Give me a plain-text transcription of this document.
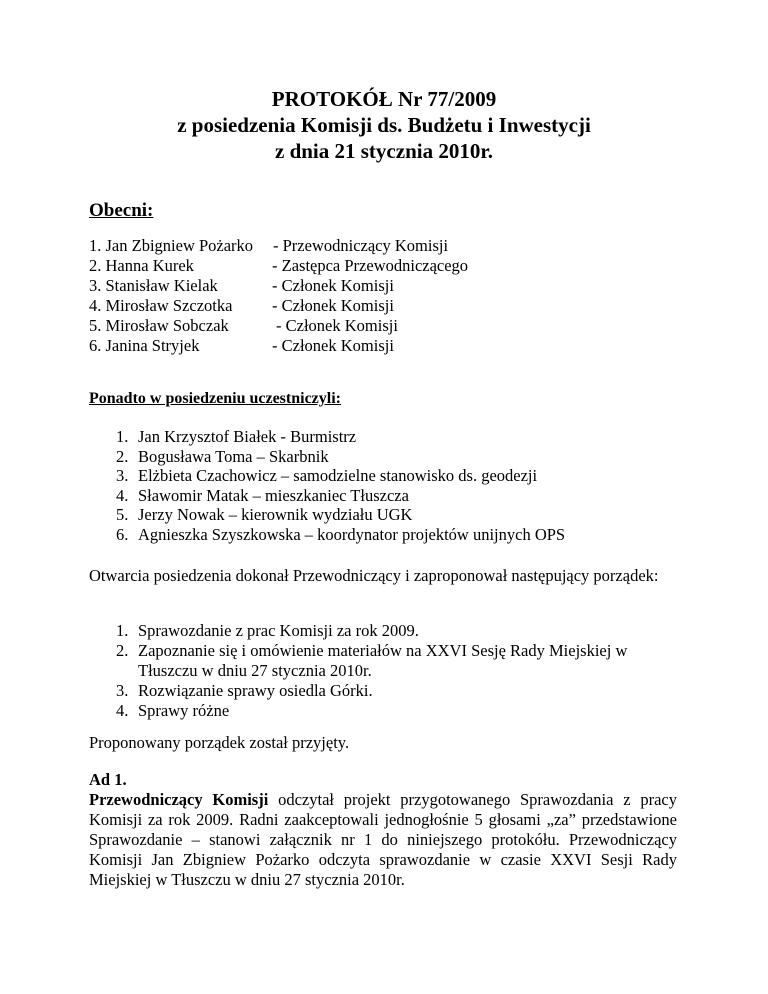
PROTOKÓŁ Nr 77/2009
z posiedzenia Komisji ds. Budżetu i Inwestycji
z dnia 21 stycznia 2010r.
Obecni:
1. Jan Zbigniew Pożarko - Przewodniczący Komisji
2. Hanna Kurek	- Zastępca Przewodniczącego
3. Stanisław Kielak	- Członek Komisji
4. Mirosław Szczotka - Członek Komisji
5. Mirosław Sobczak	- Członek Komisji
6. Janina Stryjek	- Członek Komisji
Ponadto w posiedzeniu uczestniczyli:
1. Jan Krzysztof Białek - Burmistrz
2. Bogusława Toma – Skarbnik
3. Elżbieta Czachowicz – samodzielne stanowisko ds. geodezji
4. Sławomir Matak – mieszkaniec Tłuszcza
5. Jerzy Nowak – kierownik wydziału UGK
6. Agnieszka Szyszkowska – koordynator projektów unijnych OPS

Otwarcia posiedzenia dokonał Przewodniczący i zaproponował następujący porządek:

1. Sprawozdanie z prac Komisji za rok 2009.
2. Zapoznanie się i omówienie materiałów na XXVI Sesję Rady Miejskiej w Tłuszczu w dniu 27 stycznia 2010r.
3. Rozwiązanie sprawy osiedla Górki.
4. Sprawy różne

Proponowany porządek został przyjęty.

Ad 1.

Przewodniczący Komisji odczytał projekt przygotowanego Sprawozdania z pracy Komisji za rok 2009. Radni zaakceptowali jednogłośnie 5 głosami „za” przedstawione Sprawozdanie – stanowi załącznik nr 1 do niniejszego protokółu. Przewodniczący Komisji Jan Zbigniew Pożarko odczyta sprawozdanie w czasie XXVI Sesji Rady Miejskiej w Tłuszczu w dniu 27 stycznia 2010r.
